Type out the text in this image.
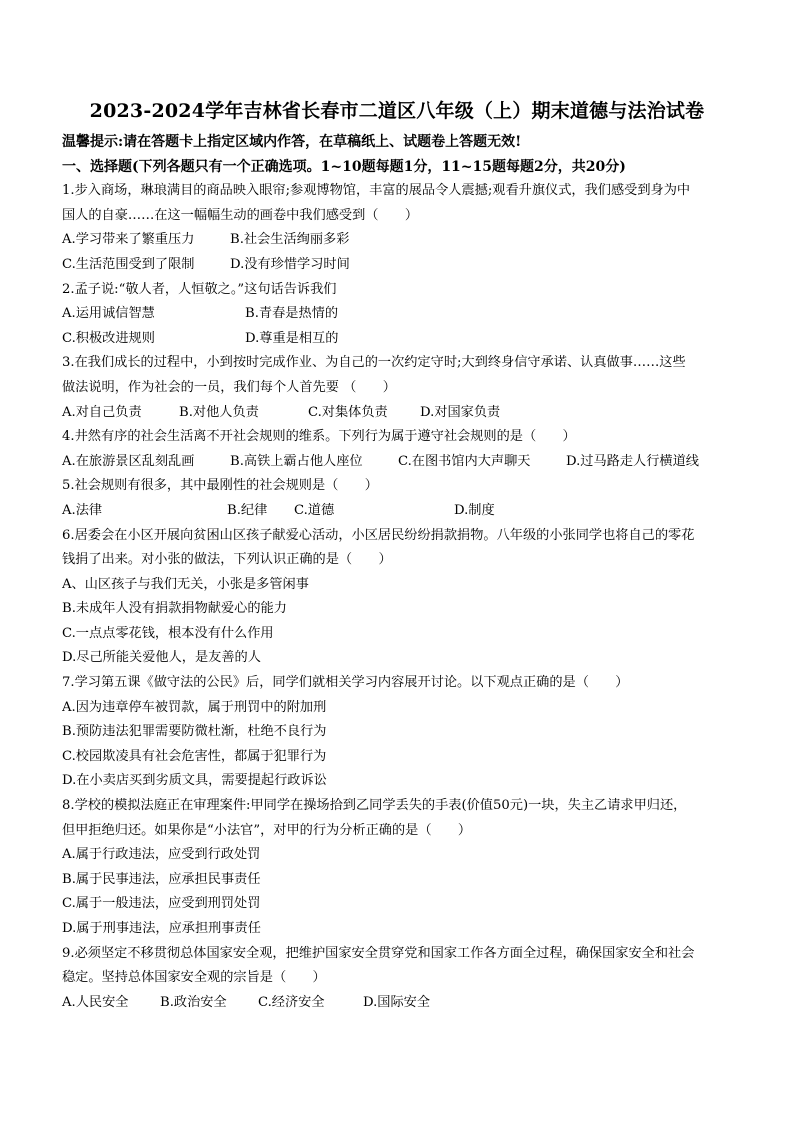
2023-2024学年吉林省长春市二道区八年级（上）期末道德与法治试卷
温馨提示:请在答题卡上指定区域内作答，在草稿纸上、试题卷上答题无效!
一、选择题(下列各题只有一个正确选项。1~10题每题1分，11~15题每题2分，共20分)
1.步入商场，琳琅满目的商品映入眼帘;参观博物馆，丰富的展品令人震撼;观看升旗仪式，我们感受到身为中
国人的自豪……在这一幅幅生动的画卷中我们感受到（　　）
A.学习带来了繁重压力	B.社会生活绚丽多彩
C.生活范围受到了限制	D.没有珍惜学习时间
2.孟子说:“敬人者，人恒敬之。”这句话告诉我们
A.运用诚信智慧	B.青春是热情的
C.积极改进规则	D.尊重是相互的
3.在我们成长的过程中，小到按时完成作业、为自己的一次约定守时;大到终身信守承诺、认真做事……这些
做法说明，作为社会的一员，我们每个人首先要 （　　）
A.对自己负责	B.对他人负责	C.对集体负责	D.对国家负责
4.井然有序的社会生活离不开社会规则的维系。下列行为属于遵守社会规则的是（　　）
A.在旅游景区乱刻乱画	B.高铁上霸占他人座位	C.在图书馆内大声聊天	D.过马路走人行横道线
5.社会规则有很多，其中最刚性的社会规则是（　　）
A.法律	B.纪律	C.道德	D.制度
6.居委会在小区开展向贫困山区孩子献爱心活动，小区居民纷纷捐款捐物。八年级的小张同学也将自己的零花
钱捐了出来。对小张的做法，下列认识正确的是（　　）
A、山区孩子与我们无关，小张是多管闲事
B.未成年人没有捐款捐物献爱心的能力
C.一点点零花钱，根本没有什么作用
D.尽己所能关爱他人，是友善的人
7.学习第五课《做守法的公民》后，同学们就相关学习内容展开讨论。以下观点正确的是（　　）
A.因为违章停车被罚款，属于刑罚中的附加刑
B.预防违法犯罪需要防微杜渐，杜绝不良行为
C.校园欺凌具有社会危害性，都属于犯罪行为
D.在小卖店买到劣质文具，需要提起行政诉讼
8.学校的模拟法庭正在审理案件:甲同学在操场拾到乙同学丢失的手表(价值50元)一块，失主乙请求甲归还，
但甲拒绝归还。如果你是“小法官”，对甲的行为分析正确的是（　　）
A.属于行政违法，应受到行政处罚
B.属于民事违法，应承担民事责任
C.属于一般违法，应受到刑罚处罚
D.属于刑事违法，应承担刑事责任
9.必须坚定不移贯彻总体国家安全观，把维护国家安全贯穿党和国家工作各方面全过程，确保国家安全和社会
稳定。坚持总体国家安全观的宗旨是（　　）
A.人民安全	B.政治安全	C.经济安全	D.国际安全
